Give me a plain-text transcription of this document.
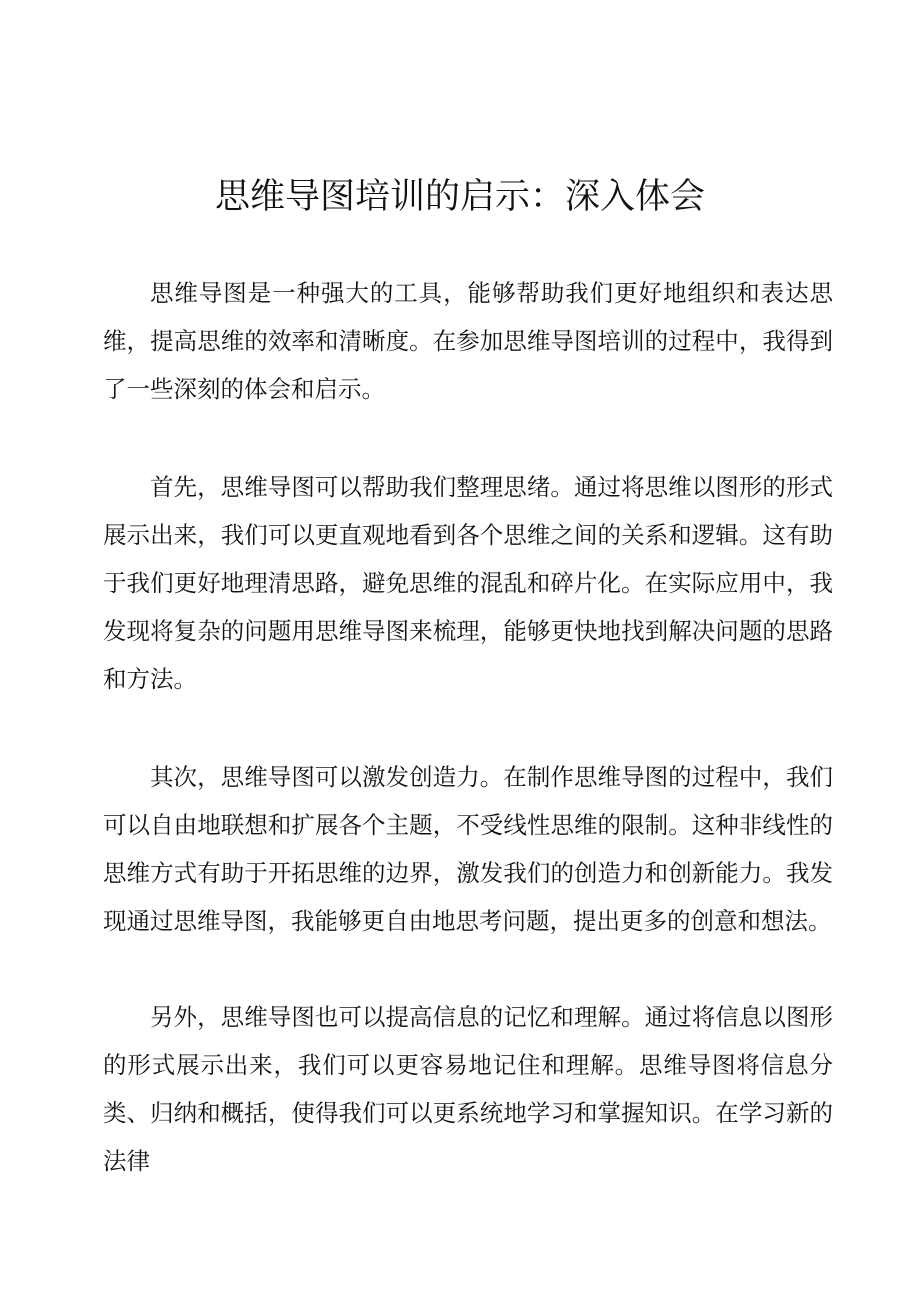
思维导图培训的启示：深入体会

思维导图是一种强大的工具，能够帮助我们更好地组织和表达思维，提高思维的效率和清晰度。在参加思维导图培训的过程中，我得到了一些深刻的体会和启示。

首先，思维导图可以帮助我们整理思绪。通过将思维以图形的形式展示出来，我们可以更直观地看到各个思维之间的关系和逻辑。这有助于我们更好地理清思路，避免思维的混乱和碎片化。在实际应用中，我发现将复杂的问题用思维导图来梳理，能够更快地找到解决问题的思路和方法。

其次，思维导图可以激发创造力。在制作思维导图的过程中，我们可以自由地联想和扩展各个主题，不受线性思维的限制。这种非线性的思维方式有助于开拓思维的边界，激发我们的创造力和创新能力。我发现通过思维导图，我能够更自由地思考问题，提出更多的创意和想法。

另外，思维导图也可以提高信息的记忆和理解。通过将信息以图形的形式展示出来，我们可以更容易地记住和理解。思维导图将信息分类、归纳和概括，使得我们可以更系统地学习和掌握知识。在学习新的法律
